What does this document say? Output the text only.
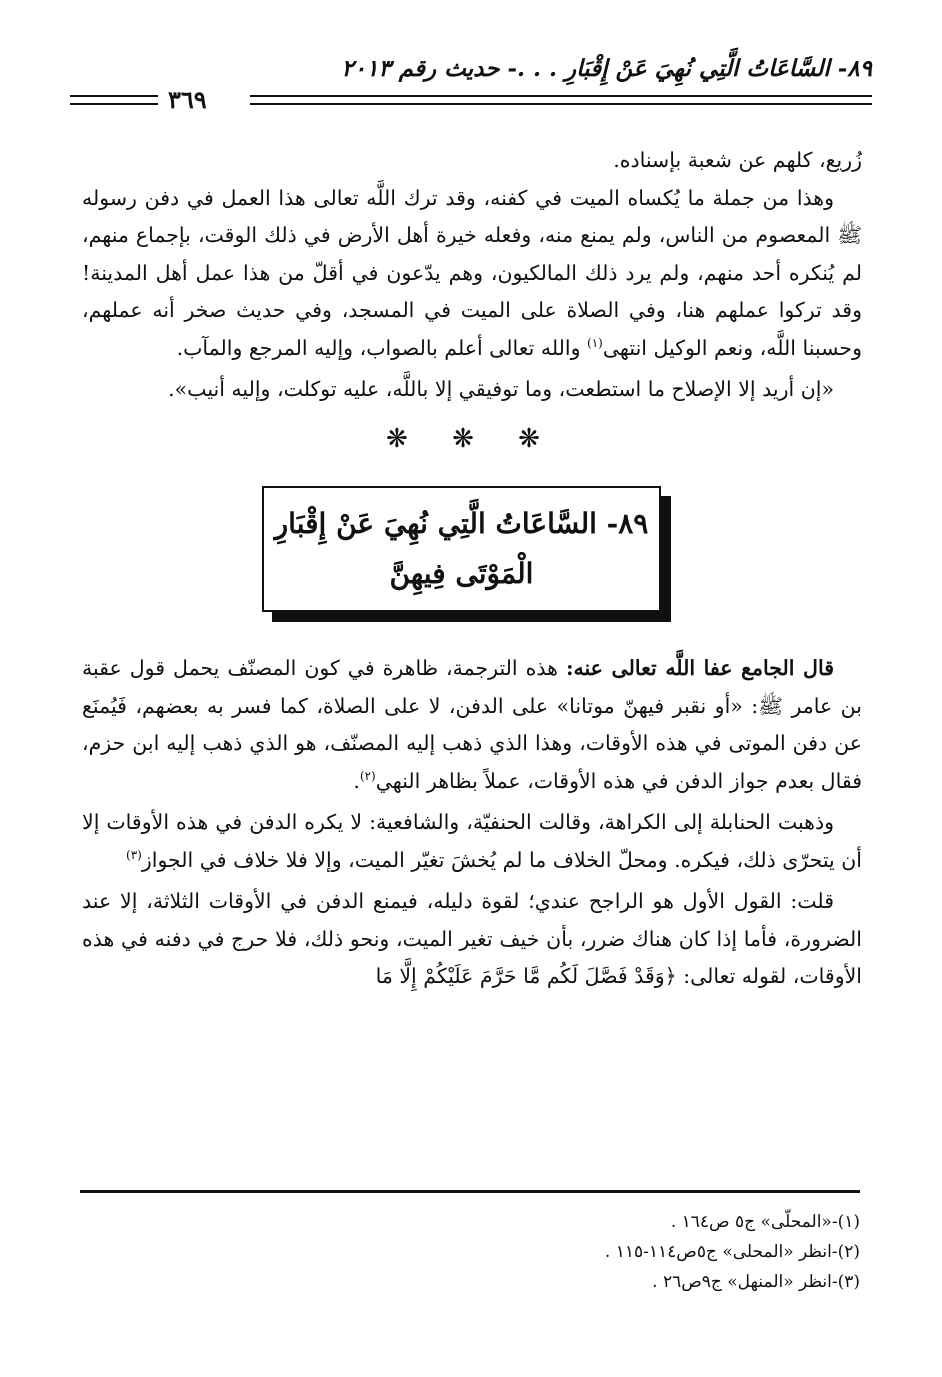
٨٩- السَّاعَاتُ الَّتِي نُهِيَ عَنْ إِقْبَارِ . . .- حديث رقم ٢٠١٣
٣٦٩

زُريع، كلهم عن شعبة بإسناده.

وهذا من جملة ما يُكساه الميت في كفنه، وقد ترك اللَّه تعالى هذا العمل في دفن رسوله ﷺ المعصوم من الناس، ولم يمنع منه، وفعله خيرة أهل الأرض في ذلك الوقت، بإجماع منهم، لم يُنكره أحد منهم، ولم يرد ذلك المالكيون، وهم يدّعون في أقلّ من هذا عمل أهل المدينة! وقد تركوا عملهم هنا، وفي الصلاة على الميت في المسجد، وفي حديث صخر أنه عملهم، وحسبنا اللَّه، ونعم الوكيل انتهى$^{(١)}$ والله تعالى أعلم بالصواب، وإليه المرجع والمآب.

«إن أريد إلا الإصلاح ما استطعت، وما توفيقي إلا باللَّه، عليه توكلت، وإليه أنيب».

❋ ❋ ❋

٨٩- السَّاعَاتُ الَّتِي نُهِيَ عَنْ إِقْبَارِ
الْمَوْتَى فِيهِنَّ

قال الجامع عفا اللَّه تعالى عنه: هذه الترجمة، ظاهرة في كون المصنّف يحمل قول عقبة بن عامر ﷺ: «أو نقبر فيهنّ موتانا» على الدفن، لا على الصلاة، كما فسر به بعضهم، فَيُمنَع عن دفن الموتى في هذه الأوقات، وهذا الذي ذهب إليه المصنّف، هو الذي ذهب إليه ابن حزم، فقال بعدم جواز الدفن في هذه الأوقات، عملاً بظاهر النهي$^{(٢)}$.

وذهبت الحنابلة إلى الكراهة، وقالت الحنفيّة، والشافعية: لا يكره الدفن في هذه الأوقات إلا أن يتحرّى ذلك، فيكره. ومحلّ الخلاف ما لم يُخشَ تغيّر الميت، وإلا فلا خلاف في الجواز$^{(٣)}$

قلت: القول الأول هو الراجح عندي؛ لقوة دليله، فيمنع الدفن في الأوقات الثلاثة، إلا عند الضرورة، فأما إذا كان هناك ضرر، بأن خيف تغير الميت، ونحو ذلك، فلا حرج في دفنه في هذه الأوقات، لقوله تعالى: ﴿وَقَدْ فَصَّلَ لَكُم مَّا حَرَّمَ عَلَيْكُمْ إِلَّا مَا

(١)-«المحلّى» ج٥ ص١٦٤ .

(٢)-انظر «المحلى» ج٥ص١١٤-١١٥ .

(٣)-انظر «المنهل» ج٩ص٢٦ .
